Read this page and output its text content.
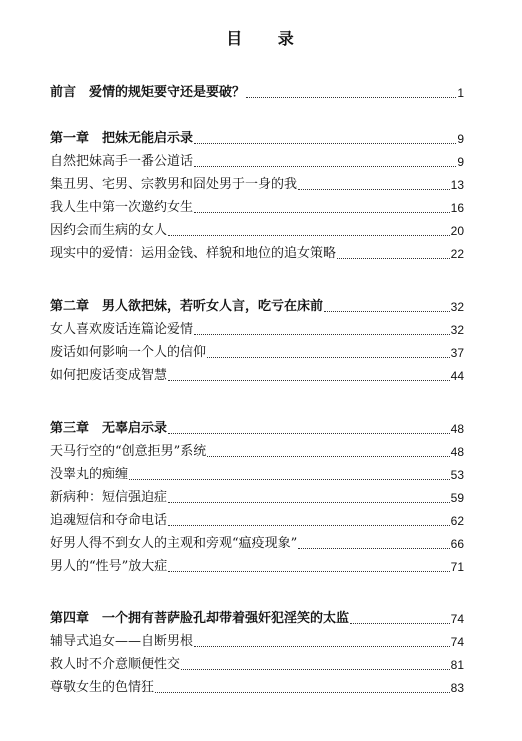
目 录
前言　爱情的规矩要守还是要破？	1
第一章　把妹无能启示录	9
自然把妹高手一番公道话	9
集丑男、宅男、宗教男和囧处男于一身的我	13
我人生中第一次邀约女生	16
因约会而生病的女人	20
现实中的爱情：运用金钱、样貌和地位的追女策略	22
第二章　男人欲把妹，若听女人言，吃亏在床前	32
女人喜欢废话连篇论爱情	32
废话如何影响一个人的信仰	37
如何把废话变成智慧	44
第三章　无辜启示录	48
天马行空的“创意拒男”系统	48
没睾丸的痴缠	53
新病种：短信强迫症	59
追魂短信和夺命电话	62
好男人得不到女人的主观和旁观“瘟疫现象”	66
男人的“性号”放大症	71
第四章　一个拥有菩萨脸孔却带着强奸犯淫笑的太监	74
辅导式追女——自断男根	74
救人时不介意顺便性交	81
尊敬女生的色情狂	83
